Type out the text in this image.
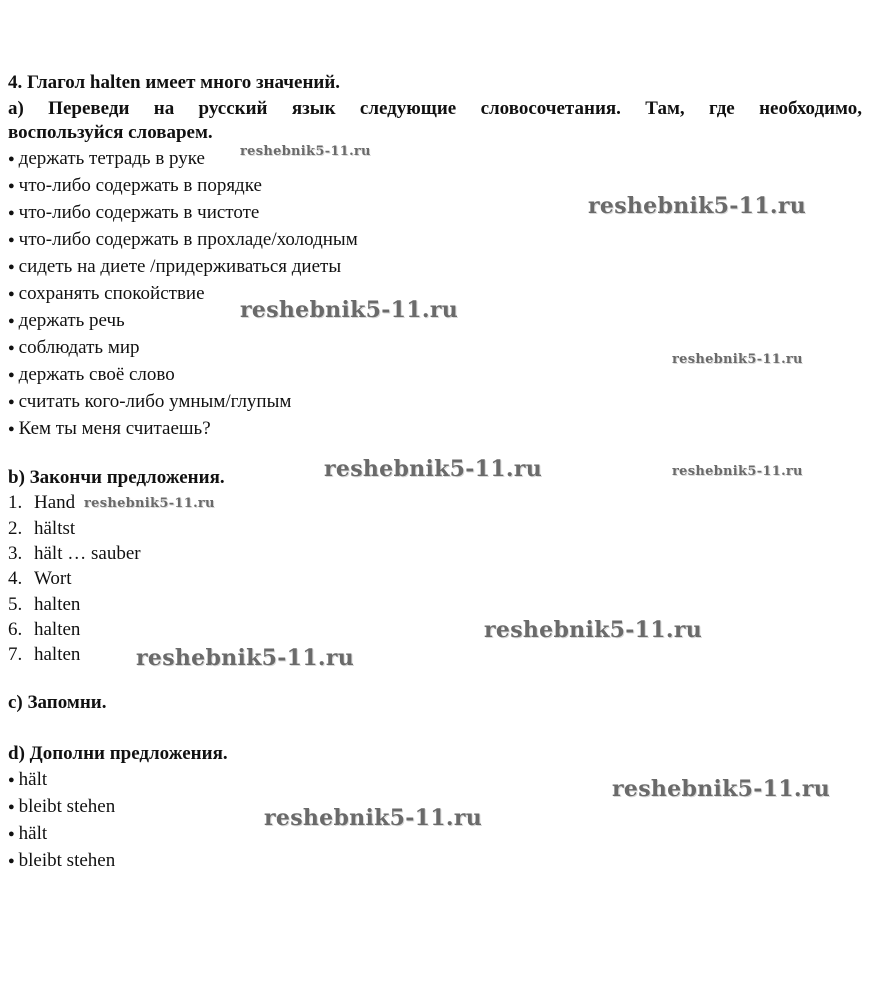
4. Глагол halten имеет много значений.
a) Переведи на русский язык следующие словосочетания. Там, где необходимо,
воспользуйся словарем.
● держать тетрадь в руке
● что-либо содержать в порядке
● что-либо содержать в чистоте
● что-либо содержать в прохладе/холодным
● сидеть на диете /придерживаться диеты
● сохранять спокойствие
● держать речь
● соблюдать мир
● держать своё слово
● считать кого-либо умным/глупым
● Кем ты меня считаешь?
b) Закончи предложения.
1. Hand
2. hältst
3. hält … sauber
4. Wort
5. halten
6. halten
7. halten
c) Запомни.
d) Дополни предложения.
● hält
● bleibt stehen
● hält
● bleibt stehen
reshebnik5-11.ru
reshebnik5-11.ru
reshebnik5-11.ru
reshebnik5-11.ru
reshebnik5-11.ru	reshebnik5-11.ru
reshebnik5-11.ru
reshebnik5-11.ru
reshebnik5-11.ru
reshebnik5-11.ru
reshebnik5-11.ru
